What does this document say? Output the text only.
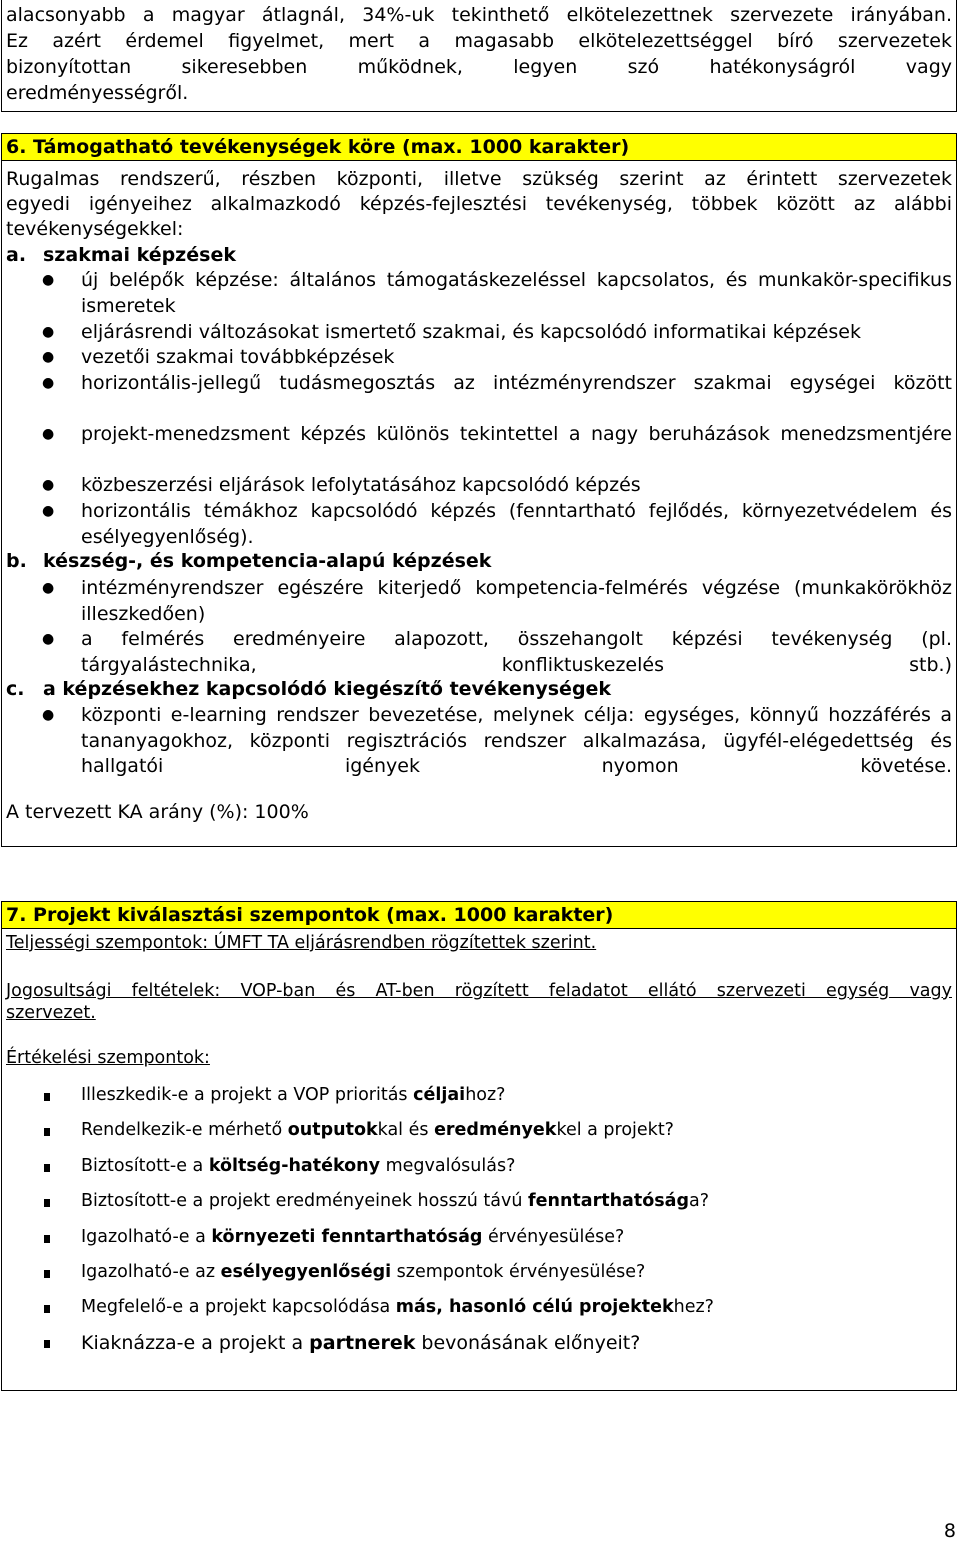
alacsonyabb a magyar átlagnál, 34%-uk tekinthető elkötelezettnek szervezete irányában.
Ez azért érdemel figyelmet, mert a magasabb elkötelezettséggel bíró szervezetek
bizonyítottan sikeresebben működnek, legyen szó hatékonyságról vagy
eredményességről.
6. Támogatható tevékenységek köre (max. 1000 karakter)
Rugalmas rendszerű, részben központi, illetve szükség szerint az érintett szervezetek
egyedi igényeihez alkalmazkodó képzés-fejlesztési tevékenység, többek között az alábbi
tevékenységekkel:
a. szakmai képzések
● új belépők képzése: általános támogatáskezeléssel kapcsolatos, és munkakör-specifikus ismeretek
● eljárásrendi változásokat ismertető szakmai, és kapcsolódó informatikai képzések
● vezetői szakmai továbbképzések
● horizontális-jellegű tudásmegosztás az intézményrendszer szakmai egységei között
● projekt-menedzsment képzés különös tekintettel a nagy beruházások menedzsmentjére
● közbeszerzési eljárások lefolytatásához kapcsolódó képzés
● horizontális témákhoz kapcsolódó képzés (fenntartható fejlődés, környezetvédelem és esélyegyenlőség).
b. készség-, és kompetencia-alapú képzések
● intézményrendszer egészére kiterjedő kompetencia-felmérés végzése (munkakörökhöz illeszkedően)
● a felmérés eredményeire alapozott, összehangolt képzési tevékenység (pl. tárgyalástechnika, konfliktuskezelés stb.)
c. a képzésekhez kapcsolódó kiegészítő tevékenységek
● központi e-learning rendszer bevezetése, melynek célja: egységes, könnyű hozzáférés a tananyagokhoz, központi regisztrációs rendszer alkalmazása, ügyfél-elégedettség és hallgatói igények nyomon követése.
A tervezett KA arány (%): 100%
7. Projekt kiválasztási szempontok (max. 1000 karakter)
Teljességi szempontok: ÚMFT TA eljárásrendben rögzítettek szerint.
Jogosultsági feltételek: VOP-ban és AT-ben rögzített feladatot ellátó szervezeti egység vagy
szervezet.
Értékelési szempontok:
Illeszkedik-e a projekt a VOP prioritás céljaihoz?
Rendelkezik-e mérhető outputokkal és eredményekkel a projekt?
Biztosított-e a költség-hatékony megvalósulás?
Biztosított-e a projekt eredményeinek hosszú távú fenntarthatósága?
Igazolható-e a környezeti fenntarthatóság érvényesülése?
Igazolható-e az esélyegyenlőségi szempontok érvényesülése?
Megfelelő-e a projekt kapcsolódása más, hasonló célú projektekhez?
Kiaknázza-e a projekt a partnerek bevonásának előnyeit?
8
